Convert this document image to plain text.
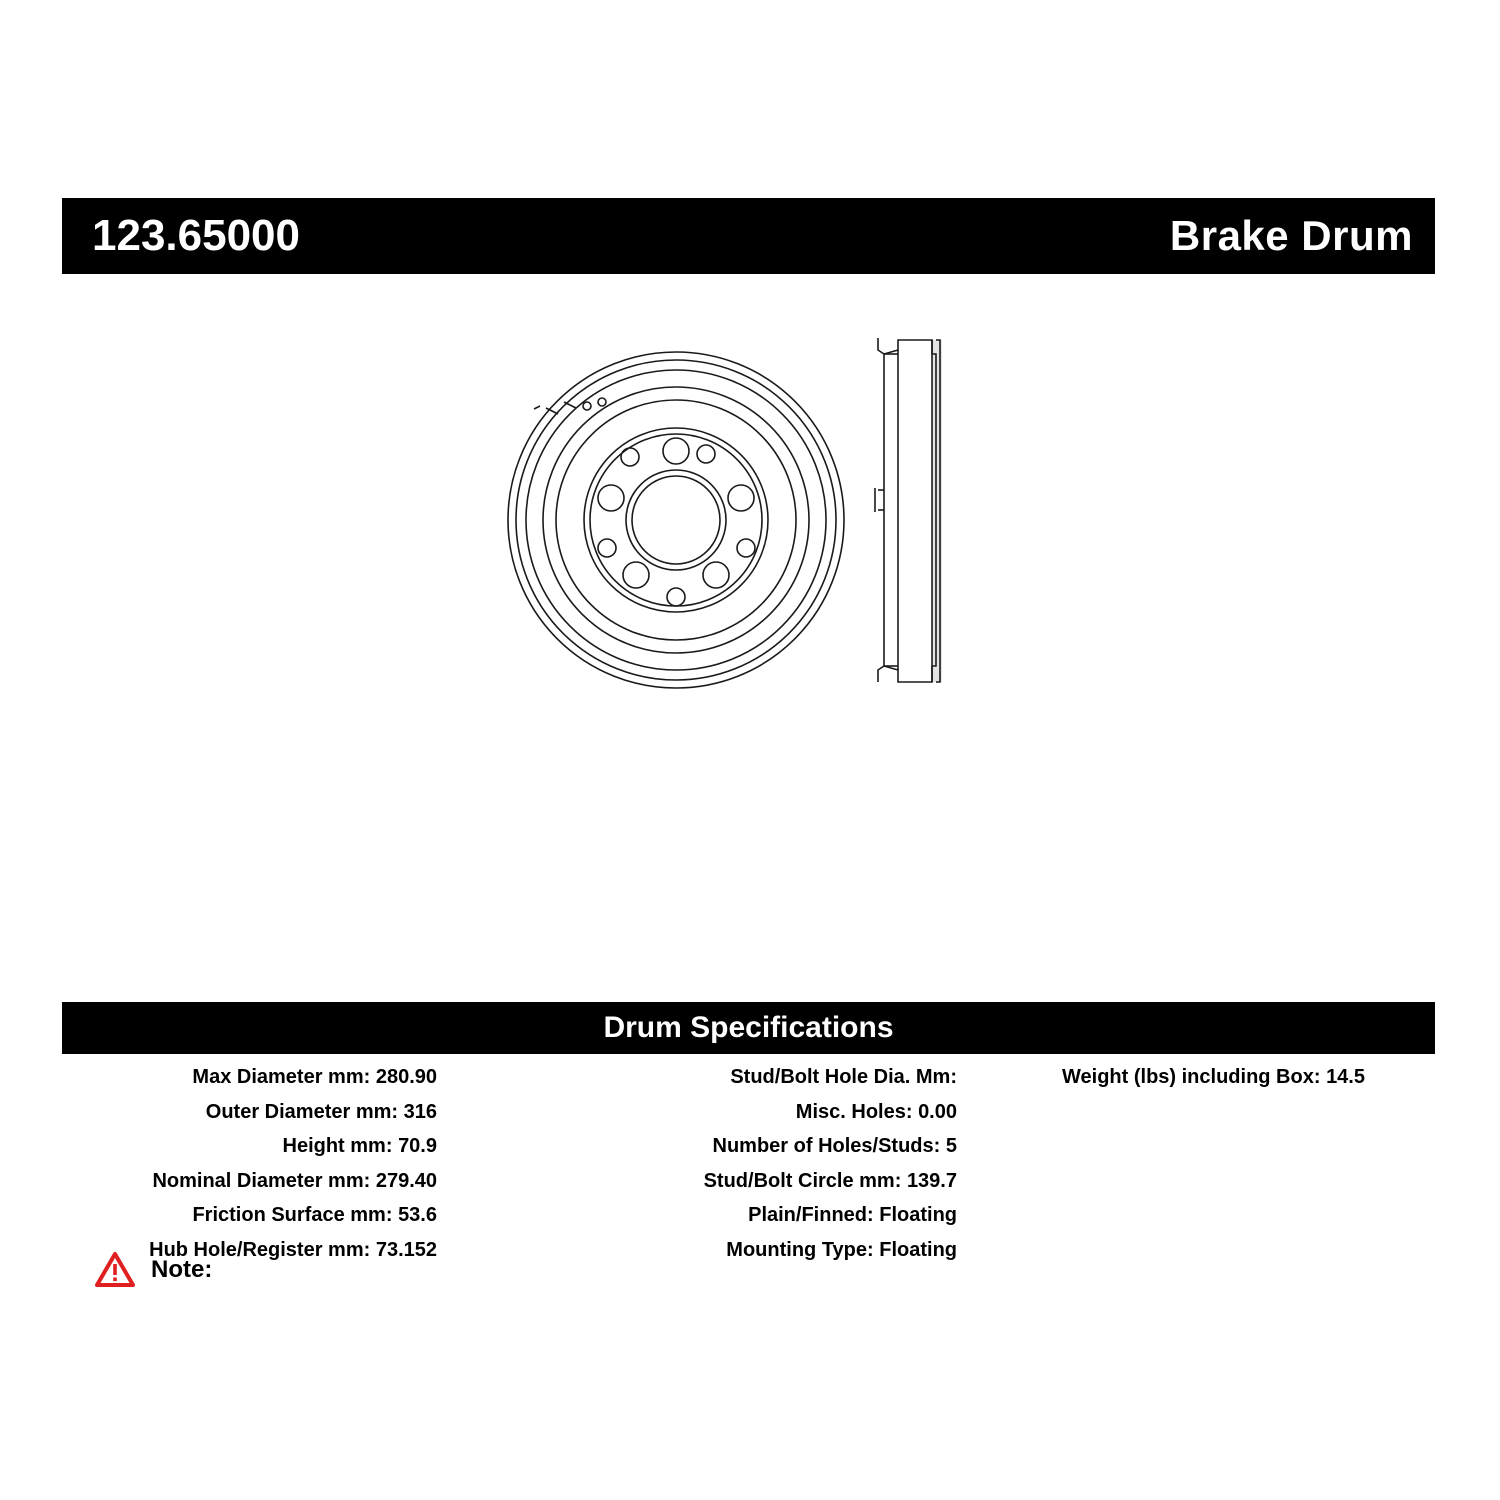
123.65000	Brake Drum
Drum Specifications
Max Diameter mm: 280.90
Outer Diameter mm: 316
Height mm: 70.9
Nominal Diameter mm: 279.40
Friction Surface mm: 53.6
Hub Hole/Register mm: 73.152
Stud/Bolt Hole Dia. Mm:
Misc. Holes: 0.00
Number of Holes/Studs: 5
Stud/Bolt Circle mm: 139.7
Plain/Finned: Floating
Mounting Type: Floating
Weight (lbs) including Box: 14.5
Note:
